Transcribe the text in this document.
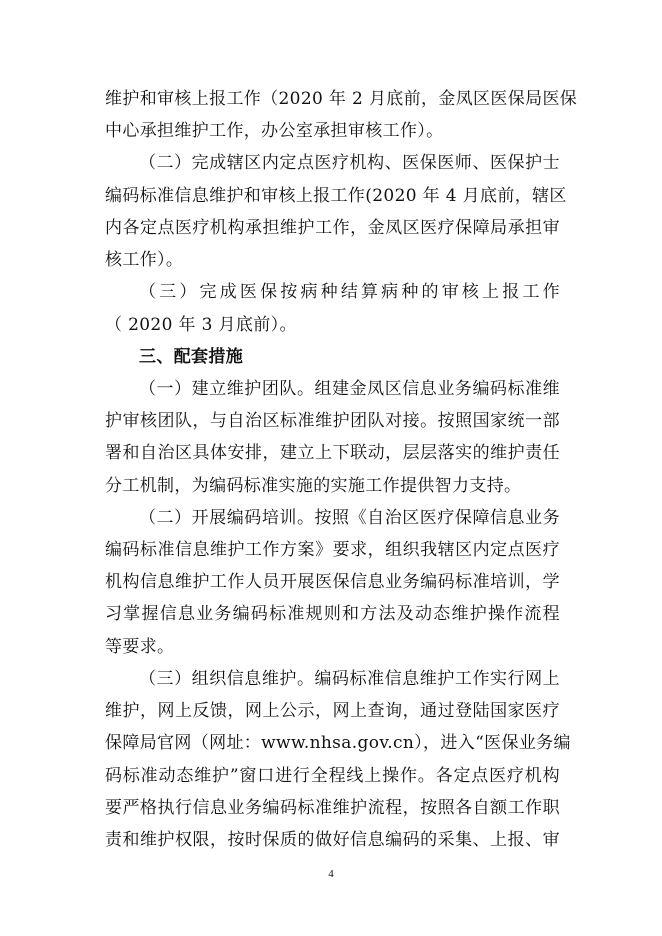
维护和审核上报工作（2020 年 2 月底前，金凤区医保局医保
中心承担维护工作，办公室承担审核工作）。
（二）完成辖区内定点医疗机构、医保医师、医保护士
编码标准信息维护和审核上报工作(2020 年 4 月底前，辖区
内各定点医疗机构承担维护工作，金凤区医疗保障局承担审
核工作）。
（三）完成医保按病种结算病种的审核上报工作
（ 2020 年 3 月底前）。
三、配套措施
（一）建立维护团队。组建金凤区信息业务编码标准维
护审核团队，与自治区标准维护团队对接。按照国家统一部
署和自治区具体安排，建立上下联动，层层落实的维护责任
分工机制，为编码标准实施的实施工作提供智力支持。
（二）开展编码培训。按照《自治区医疗保障信息业务
编码标准信息维护工作方案》要求，组织我辖区内定点医疗
机构信息维护工作人员开展医保信息业务编码标准培训，学
习掌握信息业务编码标准规则和方法及动态维护操作流程
等要求。
（三）组织信息维护。编码标准信息维护工作实行网上
维护，网上反馈，网上公示，网上查询，通过登陆国家医疗
保障局官网（网址：www.nhsa.gov.cn），进入“医保业务编
码标准动态维护”窗口进行全程线上操作。各定点医疗机构
要严格执行信息业务编码标准维护流程，按照各自额工作职
责和维护权限，按时保质的做好信息编码的采集、上报、审
4
